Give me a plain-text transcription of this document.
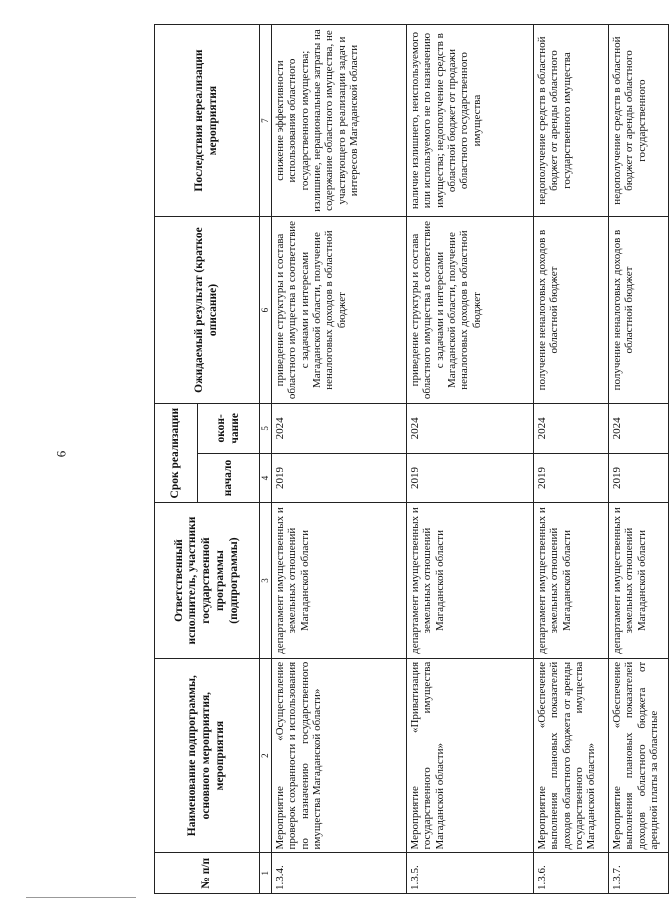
6
№ п/п	Наименование подпрограммы, основного мероприятия, мероприятия	Ответственный исполнитель, участники государственной программы (подпрограммы)	Срок реализации		Ожидаемый результат (краткое описание)	Последствия нереализации мероприятия
			начало	окон-чание		
1	2	3	4	5	6	7
1.3.4.	Мероприятие «Осуществление проверок сохранности и использования по назначению государственного имущества Магаданской области»	департамент имущественных и земельных отношений Магаданской области	2019	2024	приведение структуры и состава областного имущества в соответствие с задачами и интересами Магаданской области, получение неналоговых доходов в областной бюджет	снижение эффективности использования областного государственного имущества; излишние, нерациональные затраты на содержание областного имущества, не участвующего в реализации задач и интересов Магаданской области
1.3.5.	Мероприятие «Приватизация государственного имущества Магаданской области»	департамент имущественных и земельных отношений Магаданской области	2019	2024	приведение структуры и состава областного имущества в соответствие с задачами и интересами Магаданской области, получение неналоговых доходов в областной бюджет	наличие излишнего, неиспользуемого или используемого не по назначению имущества; недополучение средств в областной бюджет от продажи областного государственного имущества
1.3.6.	Мероприятие «Обеспечение выполнения плановых показателей доходов областного бюджета от аренды государственного имущества Магаданской области»	департамент имущественных и земельных отношений Магаданской области	2019	2024	получение неналоговых доходов в областной бюджет	недополучение средств в областной бюджет от аренды областного государственного имущества
1.3.7.	Мероприятие «Обеспечение выполнения плановых показателей доходов областного бюджета от арендной платы за областные	департамент имущественных и земельных отношений Магаданской области	2019	2024	получение неналоговых доходов в областной бюджет	недополучение средств в областной бюджет от аренды областного государственного
